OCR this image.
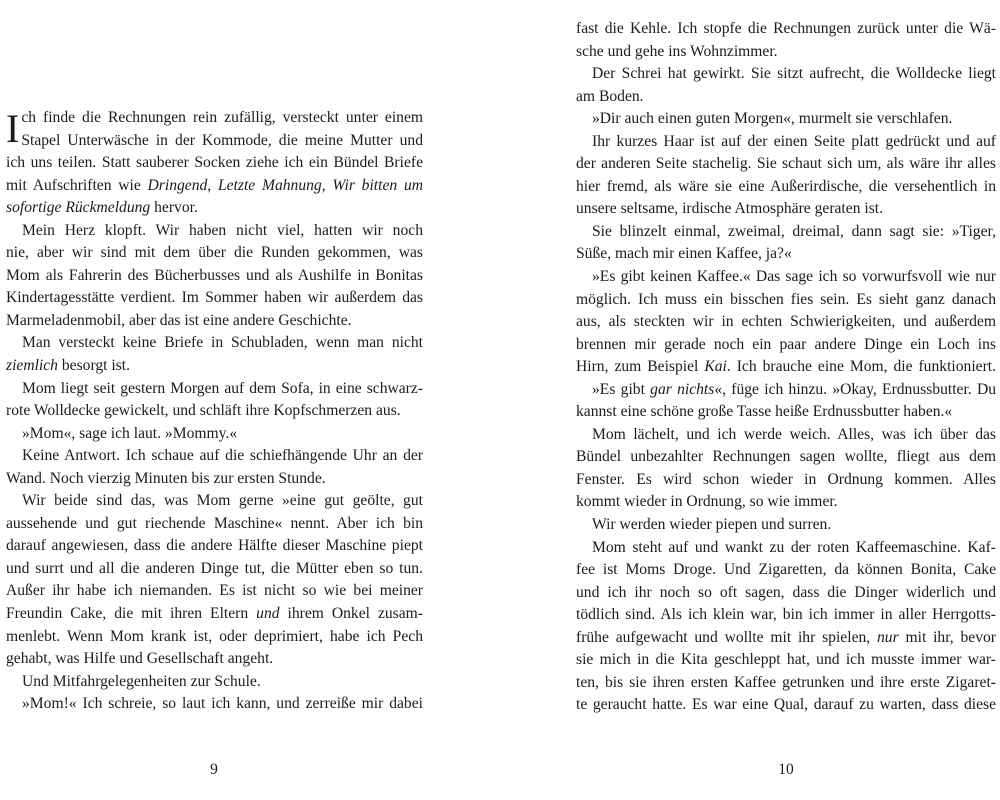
I ch finde die Rechnungen rein zufällig, versteckt unter einem
Stapel Unterwäsche in der Kommode, die meine Mutter und
ich uns teilen. Statt sauberer Socken ziehe ich ein Bündel Briefe
mit Aufschriften wie Dringend, Letzte Mahnung, Wir bitten um
sofortige Rückmeldung hervor.
Mein Herz klopft. Wir haben nicht viel, hatten wir noch
nie, aber wir sind mit dem über die Runden gekommen, was
Mom als Fahrerin des Bücherbusses und als Aushilfe in Bonitas
Kindertagesstätte verdient. Im Sommer haben wir außerdem das
Marmeladenmobil, aber das ist eine andere Geschichte.
Man versteckt keine Briefe in Schubladen, wenn man nicht
ziemlich besorgt ist.
Mom liegt seit gestern Morgen auf dem Sofa, in eine schwarz-
rote Wolldecke gewickelt, und schläft ihre Kopfschmerzen aus.
»Mom«, sage ich laut. »Mommy.«
Keine Antwort. Ich schaue auf die schiefhängende Uhr an der
Wand. Noch vierzig Minuten bis zur ersten Stunde.
Wir beide sind das, was Mom gerne »eine gut geölte, gut
aussehende und gut riechende Maschine« nennt. Aber ich bin
darauf angewiesen, dass die andere Hälfte dieser Maschine piept
und surrt und all die anderen Dinge tut, die Mütter eben so tun.
Außer ihr habe ich niemanden. Es ist nicht so wie bei meiner
Freundin Cake, die mit ihren Eltern und ihrem Onkel zusam-
menlebt. Wenn Mom krank ist, oder deprimiert, habe ich Pech
gehabt, was Hilfe und Gesellschaft angeht.
Und Mitfahrgelegenheiten zur Schule.
»Mom!« Ich schreie, so laut ich kann, und zerreiße mir dabei
fast die Kehle. Ich stopfe die Rechnungen zurück unter die Wä-
sche und gehe ins Wohnzimmer.
Der Schrei hat gewirkt. Sie sitzt aufrecht, die Wolldecke liegt
am Boden.
»Dir auch einen guten Morgen«, murmelt sie verschlafen.
Ihr kurzes Haar ist auf der einen Seite platt gedrückt und auf
der anderen Seite stachelig. Sie schaut sich um, als wäre ihr alles
hier fremd, als wäre sie eine Außerirdische, die versehentlich in
unsere seltsame, irdische Atmosphäre geraten ist.
Sie blinzelt einmal, zweimal, dreimal, dann sagt sie: »Tiger,
Süße, mach mir einen Kaffee, ja?«
»Es gibt keinen Kaffee.« Das sage ich so vorwurfsvoll wie nur
möglich. Ich muss ein bisschen fies sein. Es sieht ganz danach
aus, als steckten wir in echten Schwierigkeiten, und außerdem
brennen mir gerade noch ein paar andere Dinge ein Loch ins
Hirn, zum Beispiel Kai. Ich brauche eine Mom, die funktioniert.
»Es gibt gar nichts«, füge ich hinzu. »Okay, Erdnussbutter. Du
kannst eine schöne große Tasse heiße Erdnussbutter haben.«
Mom lächelt, und ich werde weich. Alles, was ich über das
Bündel unbezahlter Rechnungen sagen wollte, fliegt aus dem
Fenster. Es wird schon wieder in Ordnung kommen. Alles
kommt wieder in Ordnung, so wie immer.
Wir werden wieder piepen und surren.
Mom steht auf und wankt zu der roten Kaffeemaschine. Kaf-
fee ist Moms Droge. Und Zigaretten, da können Bonita, Cake
und ich ihr noch so oft sagen, dass die Dinger widerlich und
tödlich sind. Als ich klein war, bin ich immer in aller Herrgotts-
frühe aufgewacht und wollte mit ihr spielen, nur mit ihr, bevor
sie mich in die Kita geschleppt hat, und ich musste immer war-
ten, bis sie ihren ersten Kaffee getrunken und ihre erste Zigaret-
te geraucht hatte. Es war eine Qual, darauf zu warten, dass diese
9	10
